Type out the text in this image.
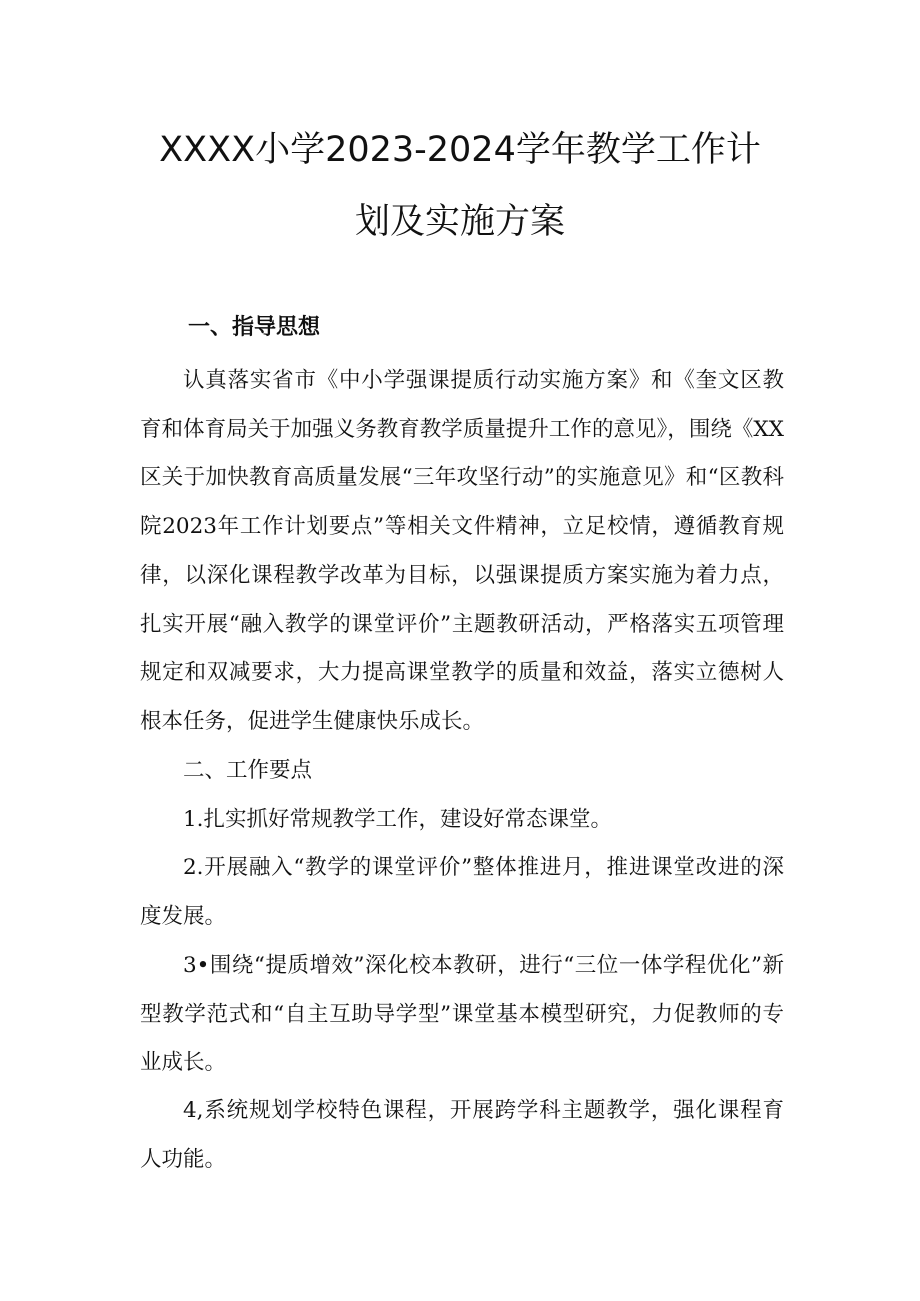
XXXX小学2023-2024学年教学工作计
划及实施方案
一、指导思想

认真落实省市《中小学强课提质行动实施方案》和《奎文区教育和体育局关于加强义务教育教学质量提升工作的意见》，围绕《XX区关于加快教育高质量发展“三年攻坚行动”的实施意见》和“区教科院2023年工作计划要点”等相关文件精神，立足校情，遵循教育规律，以深化课程教学改革为目标，以强课提质方案实施为着力点，扎实开展“融入教学的课堂评价”主题教研活动，严格落实五项管理规定和双减要求，大力提高课堂教学的质量和效益，落实立德树人根本任务，促进学生健康快乐成长。

二、工作要点

1.扎实抓好常规教学工作，建设好常态课堂。

2.开展融入“教学的课堂评价”整体推进月，推进课堂改进的深度发展。

3•围绕“提质增效”深化校本教研，进行“三位一体学程优化”新型教学范式和“自主互助导学型”课堂基本模型研究，力促教师的专业成长。

4,系统规划学校特色课程，开展跨学科主题教学，强化课程育人功能。
